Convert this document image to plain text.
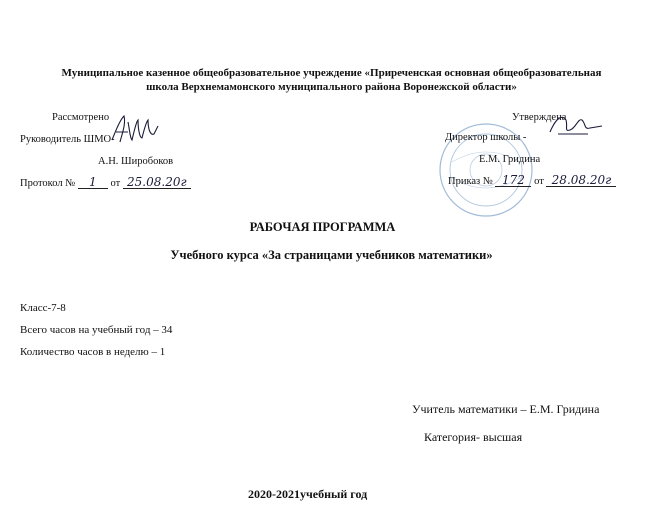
Муниципальное казенное общеобразовательное учреждение «Приреченская основная общеобразовательная
школа Верхнемамонского муниципального района Воронежской области»
Рассмотрено
Руководитель ШМО-
А.Н. Широбоков
Протокол № 1 от 25.08.20г
Утверждена
Директор школы -
Е.М. Гридина
Приказ № 172 от 28.08.20г
РАБОЧАЯ ПРОГРАММА
Учебного курса «За страницами учебников математики»
Класс-7-8
Всего часов на учебный год – 34
Количество часов в неделю – 1
Учитель математики – Е.М. Гридина
Категория- высшая
2020-2021учебный год
